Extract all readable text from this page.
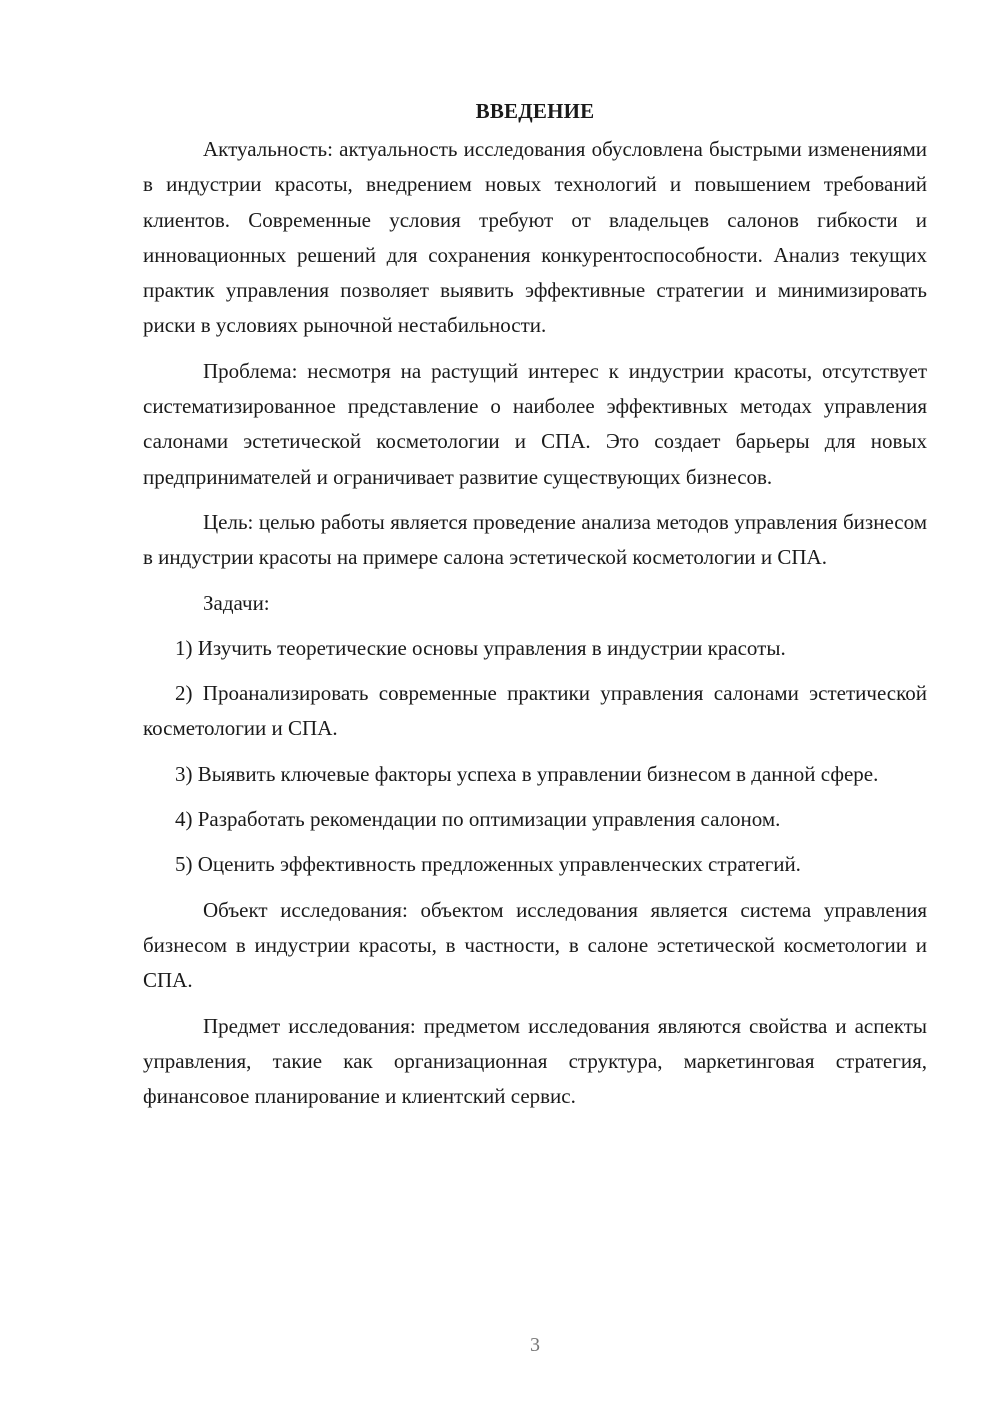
ВВЕДЕНИЕ

Актуальность: актуальность исследования обусловлена быстрыми изменениями в индустрии красоты, внедрением новых технологий и повышением требований клиентов. Современные условия требуют от владельцев салонов гибкости и инновационных решений для сохранения конкурентоспособности. Анализ текущих практик управления позволяет выявить эффективные стратегии и минимизировать риски в условиях рыночной нестабильности.

Проблема: несмотря на растущий интерес к индустрии красоты, отсутствует систематизированное представление о наиболее эффективных методах управления салонами эстетической косметологии и СПА. Это создает барьеры для новых предпринимателей и ограничивает развитие существующих бизнесов.

Цель: целью работы является проведение анализа методов управления бизнесом в индустрии красоты на примере салона эстетической косметологии и СПА.

Задачи:

1) Изучить теоретические основы управления в индустрии красоты.

2) Проанализировать современные практики управления салонами эстетической косметологии и СПА.

3) Выявить ключевые факторы успеха в управлении бизнесом в данной сфере.

4) Разработать рекомендации по оптимизации управления салоном.

5) Оценить эффективность предложенных управленческих стратегий.

Объект исследования: объектом исследования является система управления бизнесом в индустрии красоты, в частности, в салоне эстетической косметологии и СПА.

Предмет исследования: предметом исследования являются свойства и аспекты управления, такие как организационная структура, маркетинговая стратегия, финансовое планирование и клиентский сервис.

3
